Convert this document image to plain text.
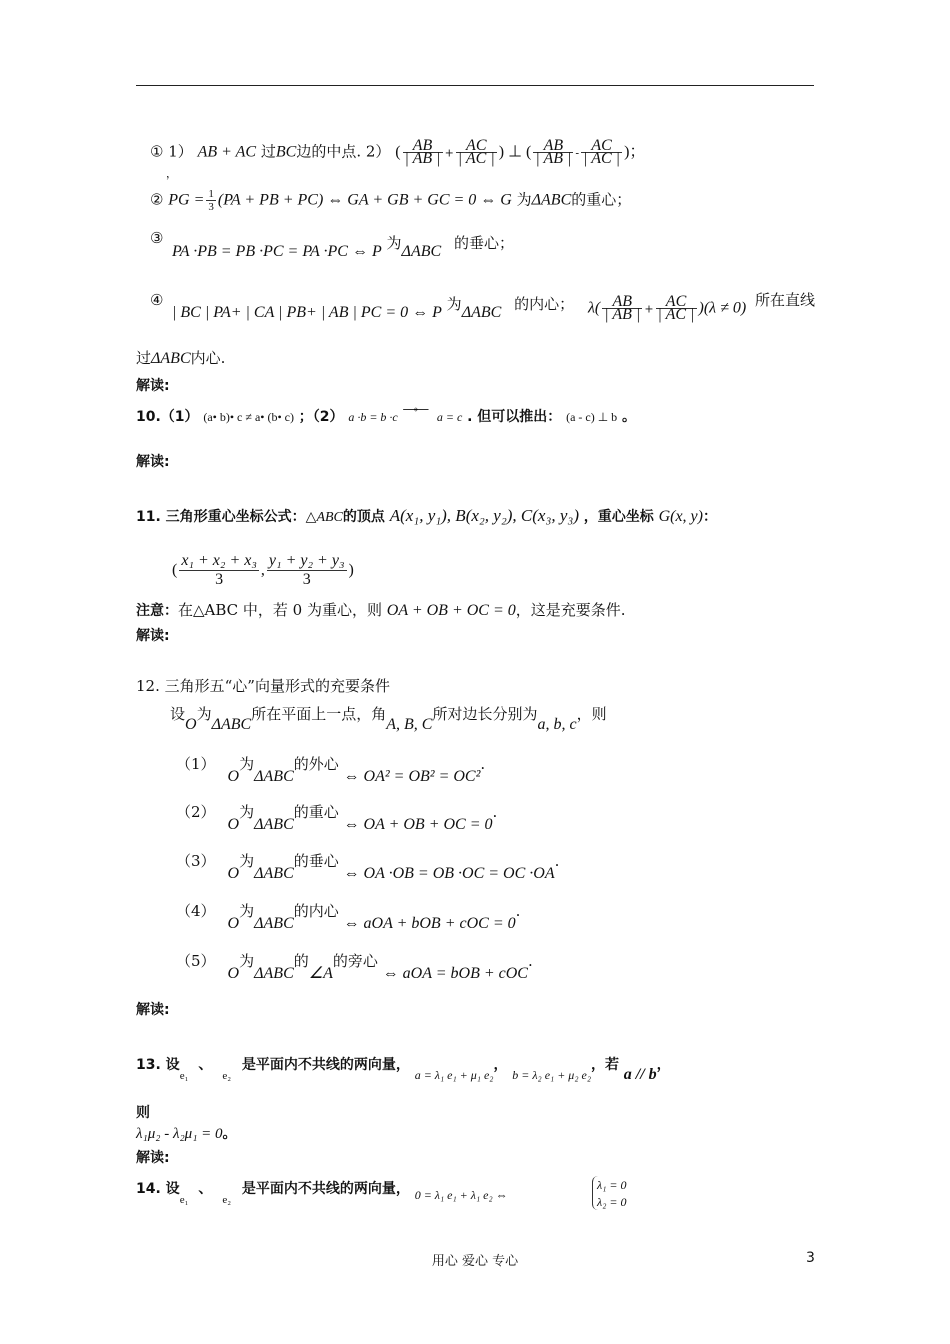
① 1） AB + AC 过BC边的中点. 2） ( $\frac{AB}{| AB |} + \frac{AC}{| AC |}$ ) ⊥ ( $\frac{AB}{| AB |} - \frac{AC}{| AC |}$ )；
，
② PG = $\frac{1}{3} (PA$ + PB + PC) ⇔ GA + GB + GC = 0 ⇔ G 为ΔABC的重心；
③
PA ·PB = PB ·PC = PA ·PC ⇔ P 为ΔABC 的垂心；
④
| BC | PA+ | CA | PB+ | AB | PC = 0 ⇔ P 为ΔABC 的内心； $\lambda( \frac{AB}{| AB |} + \frac{AC}{| AC |} )(\lambda \ne 0)$ 所在直线
过ΔABC内心.
解读:
10.（1） (a• b)• c ≠ a• (b• c) ；（2） a ·b = b ·c ⟶⟵ a = c . 但可以推出： (a - c) ⊥ b 。
解读:
11. 三角形重心坐标公式：△ABC的顶点 A(x₁, y₁), B(x₂, y₂), C(x₃, y₃) ，重心坐标 G(x, y)：
( $\frac{\text{x₁ + x₂ + x₃}}{3}$ , $\frac{\text{y₁ + y₂ + y₃}}{3}$ )
注意：在△ABC 中，若 0 为重心，则 OA + OB + OC = 0，这是充要条件.
解读:
12. 三角形五“心”向量形式的充要条件
设O为ΔABC所在平面上一点，角A, B, C所对边长分别为a, b, c，则
（1）O为ΔABC的外心 ⇔ OA² = OB² = OC².
（2）O为ΔABC的重心 ⇔ OA + OB + OC = 0.
（3）O为ΔABC的垂心 ⇔ OA ·OB = OB ·OC = OC ·OA.
（4）O为ΔABC的内心 ⇔ aOA + bOB + cOC = 0.
（5）O为ΔABC的∠A的旁心 ⇔ aOA = bOB + cOC.
解读:
13. 设$_{e_1}$、$_{e_2}$ 是平面内不共线的两向量， $_{a = \lambda_1 e_1 + \mu_1 e_2}$， $_{b = \lambda_2 e_1 + \mu_2 e_2}$，若 a // b，
则
λ₁μ₂ - λ₂μ₁ = 0。
解读:
14. 设$_{e_1}$、$_{e_2}$ 是平面内不共线的两向量， $_{0 = \lambda_1 e_1 + \lambda_1 e_2 \Leftrightarrow}$
λ₁ = 0
λ₂ = 0
用心 爱心 专心	3
